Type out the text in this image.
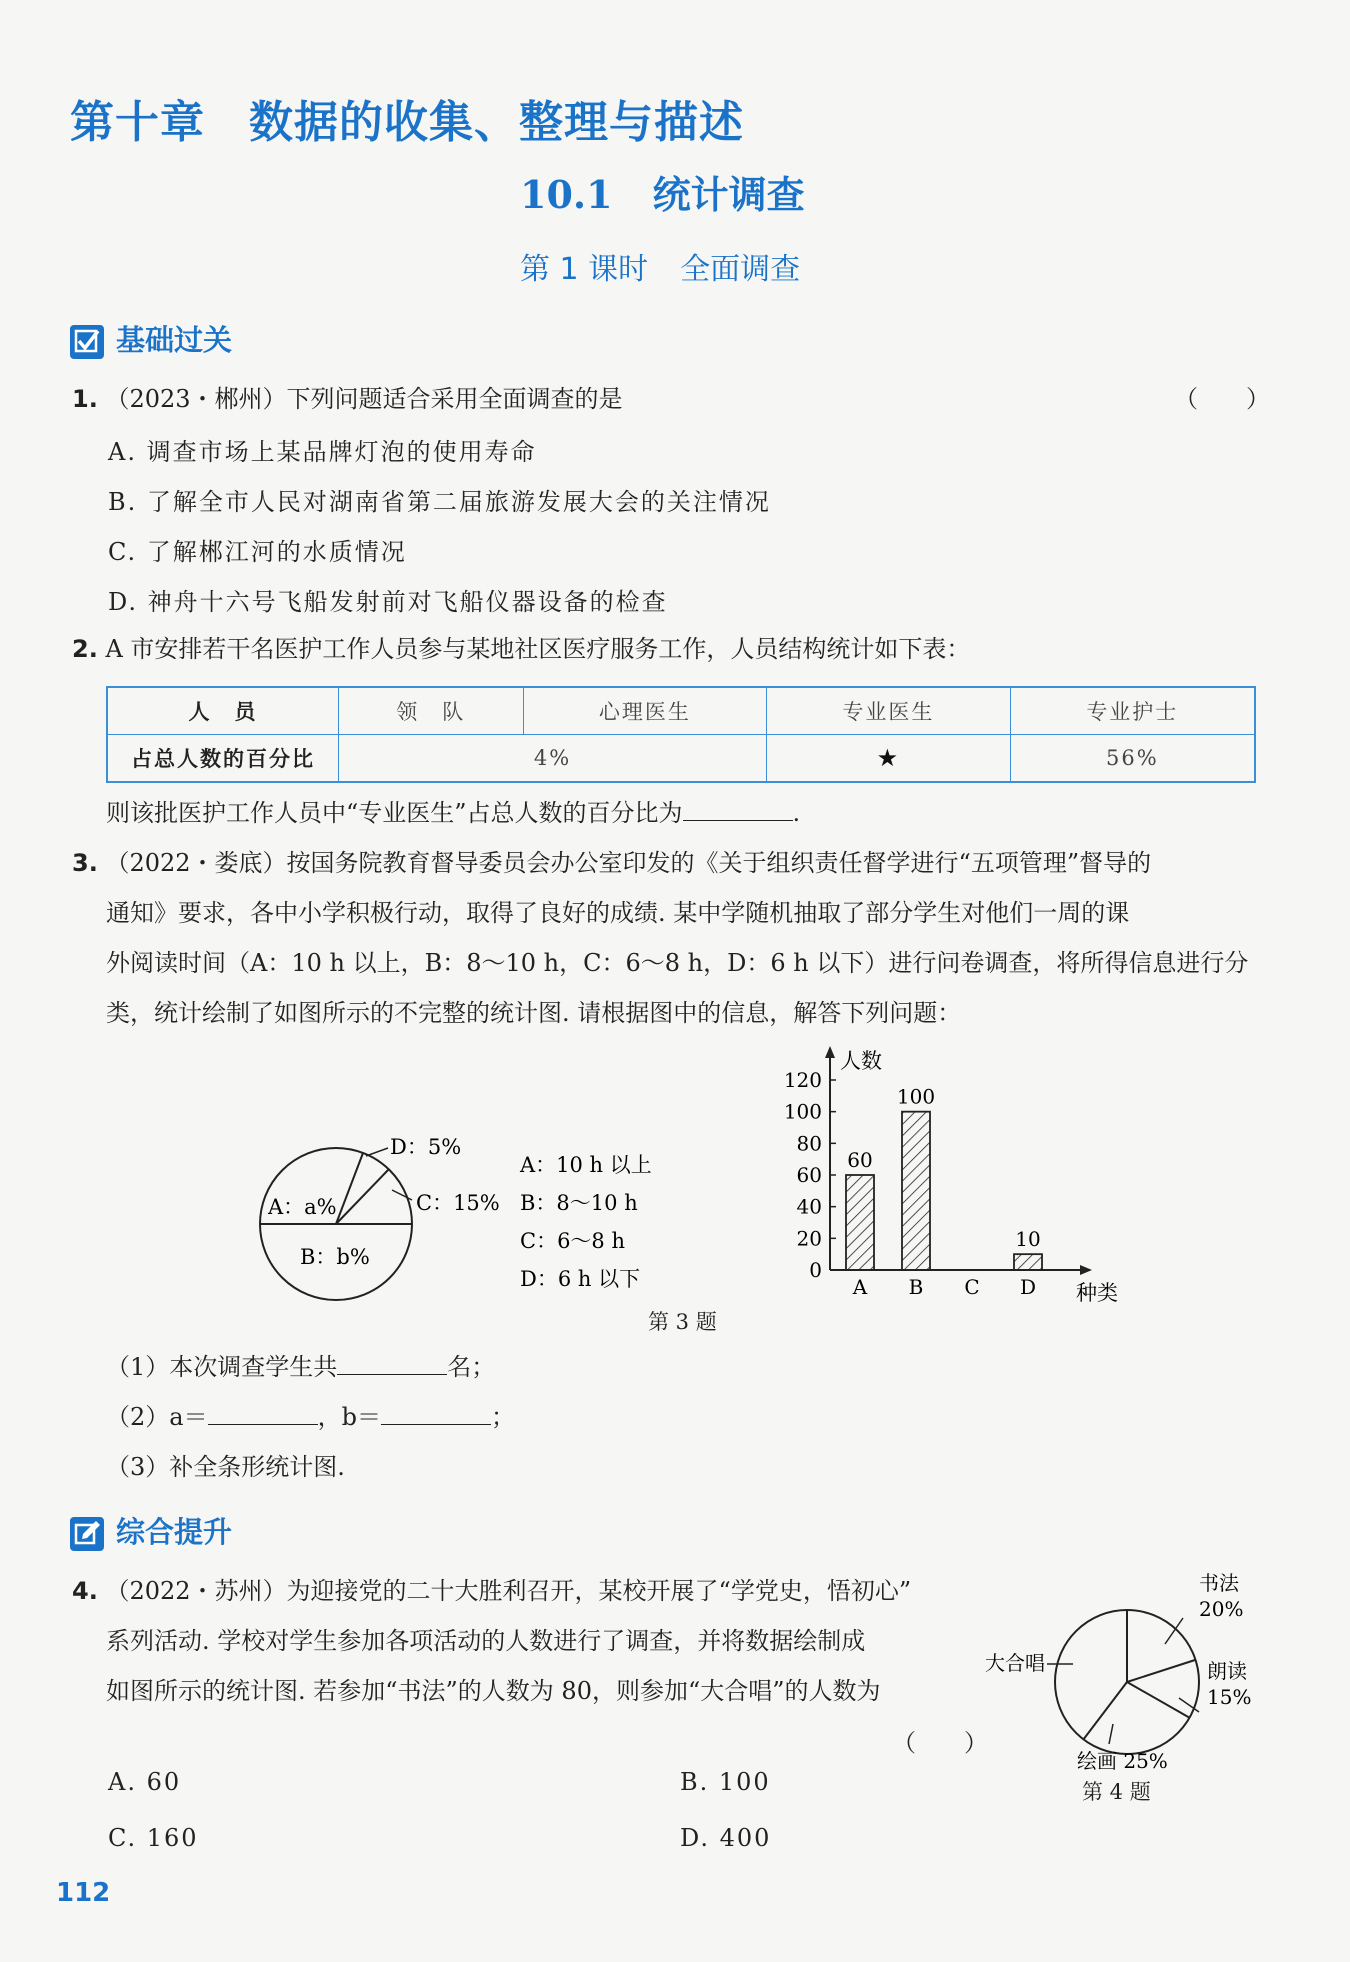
第十章 数据的收集、整理与描述
10.1 统计调查
第 1 课时 全面调查
基础过关
1. （2023・郴州）下列问题适合采用全面调查的是	（　　）
A. 调查市场上某品牌灯泡的使用寿命
B. 了解全市人民对湖南省第二届旅游发展大会的关注情况
C. 了解郴江河的水质情况
D. 神舟十六号飞船发射前对飞船仪器设备的检查
2. A 市安排若干名医护工作人员参与某地社区医疗服务工作，人员结构统计如下表：
人　员	领　队	心理医生	专业医生	专业护士
占总人数的百分比	4%		★	56%
则该批医护工作人员中“专业医生”占总人数的百分比为	.
3. （2022・娄底）按国务院教育督导委员会办公室印发的《关于组织责任督学进行“五项管理”督导的
通知》要求，各中小学积极行动，取得了良好的成绩. 某中学随机抽取了部分学生对他们一周的课
外阅读时间（A：10 h 以上，B：8～10 h，C：6～8 h，D：6 h 以下）进行问卷调查，将所得信息进行分
类，统计绘制了如图所示的不完整的统计图. 请根据图中的信息，解答下列问题：
A：a%
B：b%
C：15%
D：5%
A：10 h 以上
B：8～10 h
C：6～8 h
D：6 h 以下	0
20
40
60
80
100
120
人数
种类
A
60
B
100
C D
10
第 3 题
（1）本次调查学生共	名；
（2）a＝	，b＝	；
（3）补全条形统计图.
综合提升
4. （2022・苏州）为迎接党的二十大胜利召开，某校开展了“学党史，悟初心”
系列活动. 学校对学生参加各项活动的人数进行了调查，并将数据绘制成
如图所示的统计图. 若参加“书法”的人数为 80，则参加“大合唱”的人数为
（　　）
书法
20%
大合唱	朗读
15%
绘画 25%
第 4 题
A. 60	B. 100
C. 160	D. 400
112
